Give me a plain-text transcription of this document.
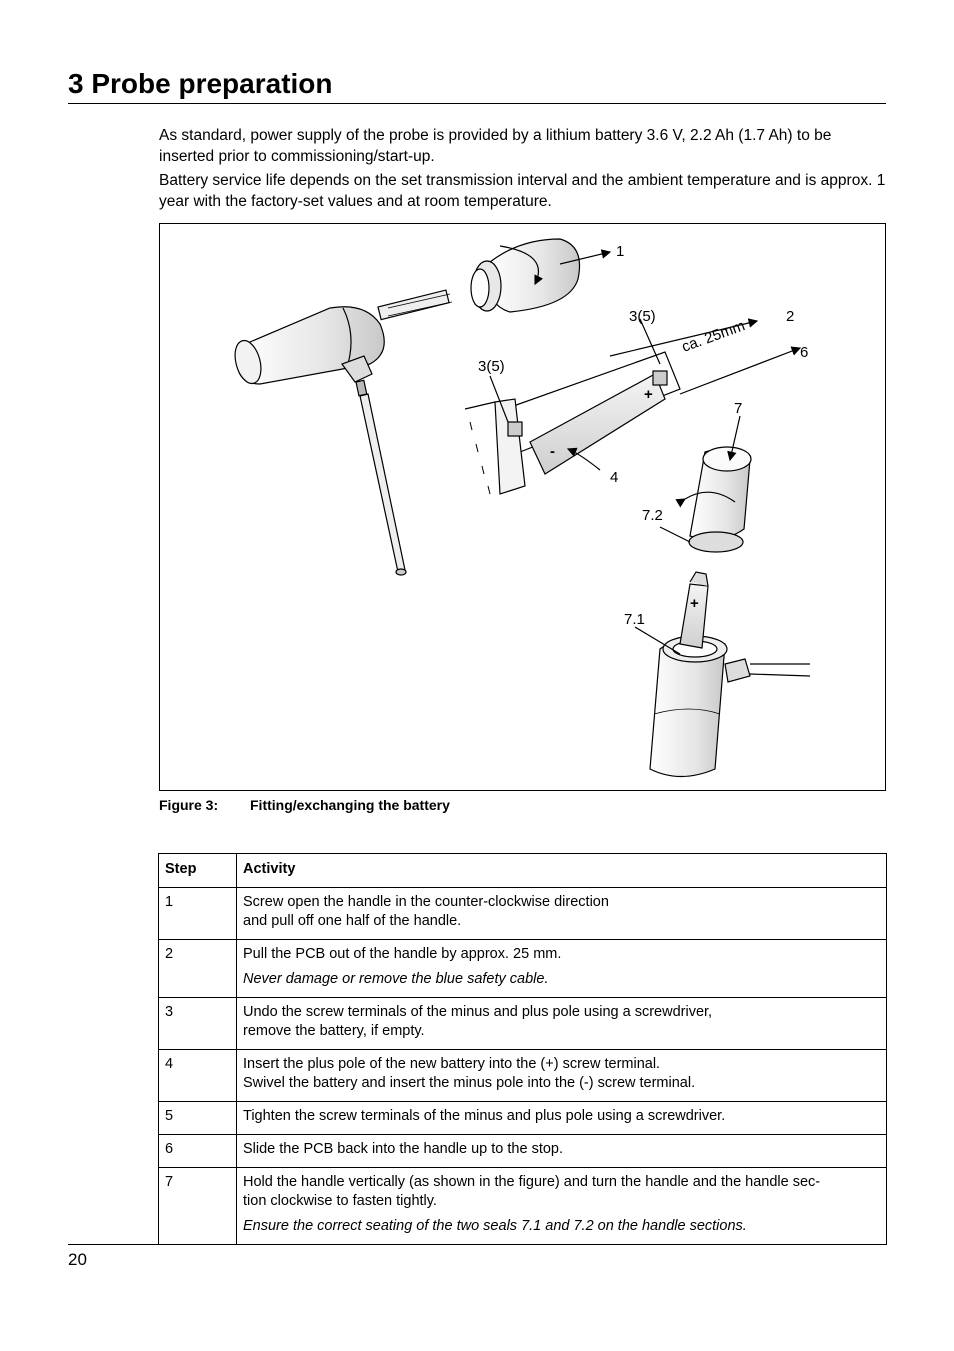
3 Probe preparation

As standard, power supply of the probe is provided by a lithium battery 3.6 V, 2.2 Ah (1.7 Ah) to be inserted prior to commissioning/start-up.

Battery service life depends on the set transmission interval and the ambient temperature and is approx. 1 year with the factory-set values and at room temperature.

1
2
3(5)
3(5)
4
6
7
7.2
7.1
ca. 25mm
+
-
+
Figure 3: Fitting/exchanging the battery
Step	Activity
1	Screw open the handle in the counter-clockwise direction
and pull off one half of the handle.

2	Pull the PCB out of the handle by approx. 25 mm.
Never damage or remove the blue safety cable.

3	Undo the screw terminals of the minus and plus pole using a screwdriver,
remove the battery, if empty.

4	Insert the plus pole of the new battery into the (+) screw terminal.
Swivel the battery and insert the minus pole into the (-) screw terminal.

5	Tighten the screw terminals of the minus and plus pole using a screwdriver.

6	Slide the PCB back into the handle up to the stop.

7	Hold the handle vertically (as shown in the figure) and turn the handle and the handle sec-
tion clockwise to fasten tightly.
Ensure the correct seating of the two seals 7.1 and 7.2 on the handle sections.
20
